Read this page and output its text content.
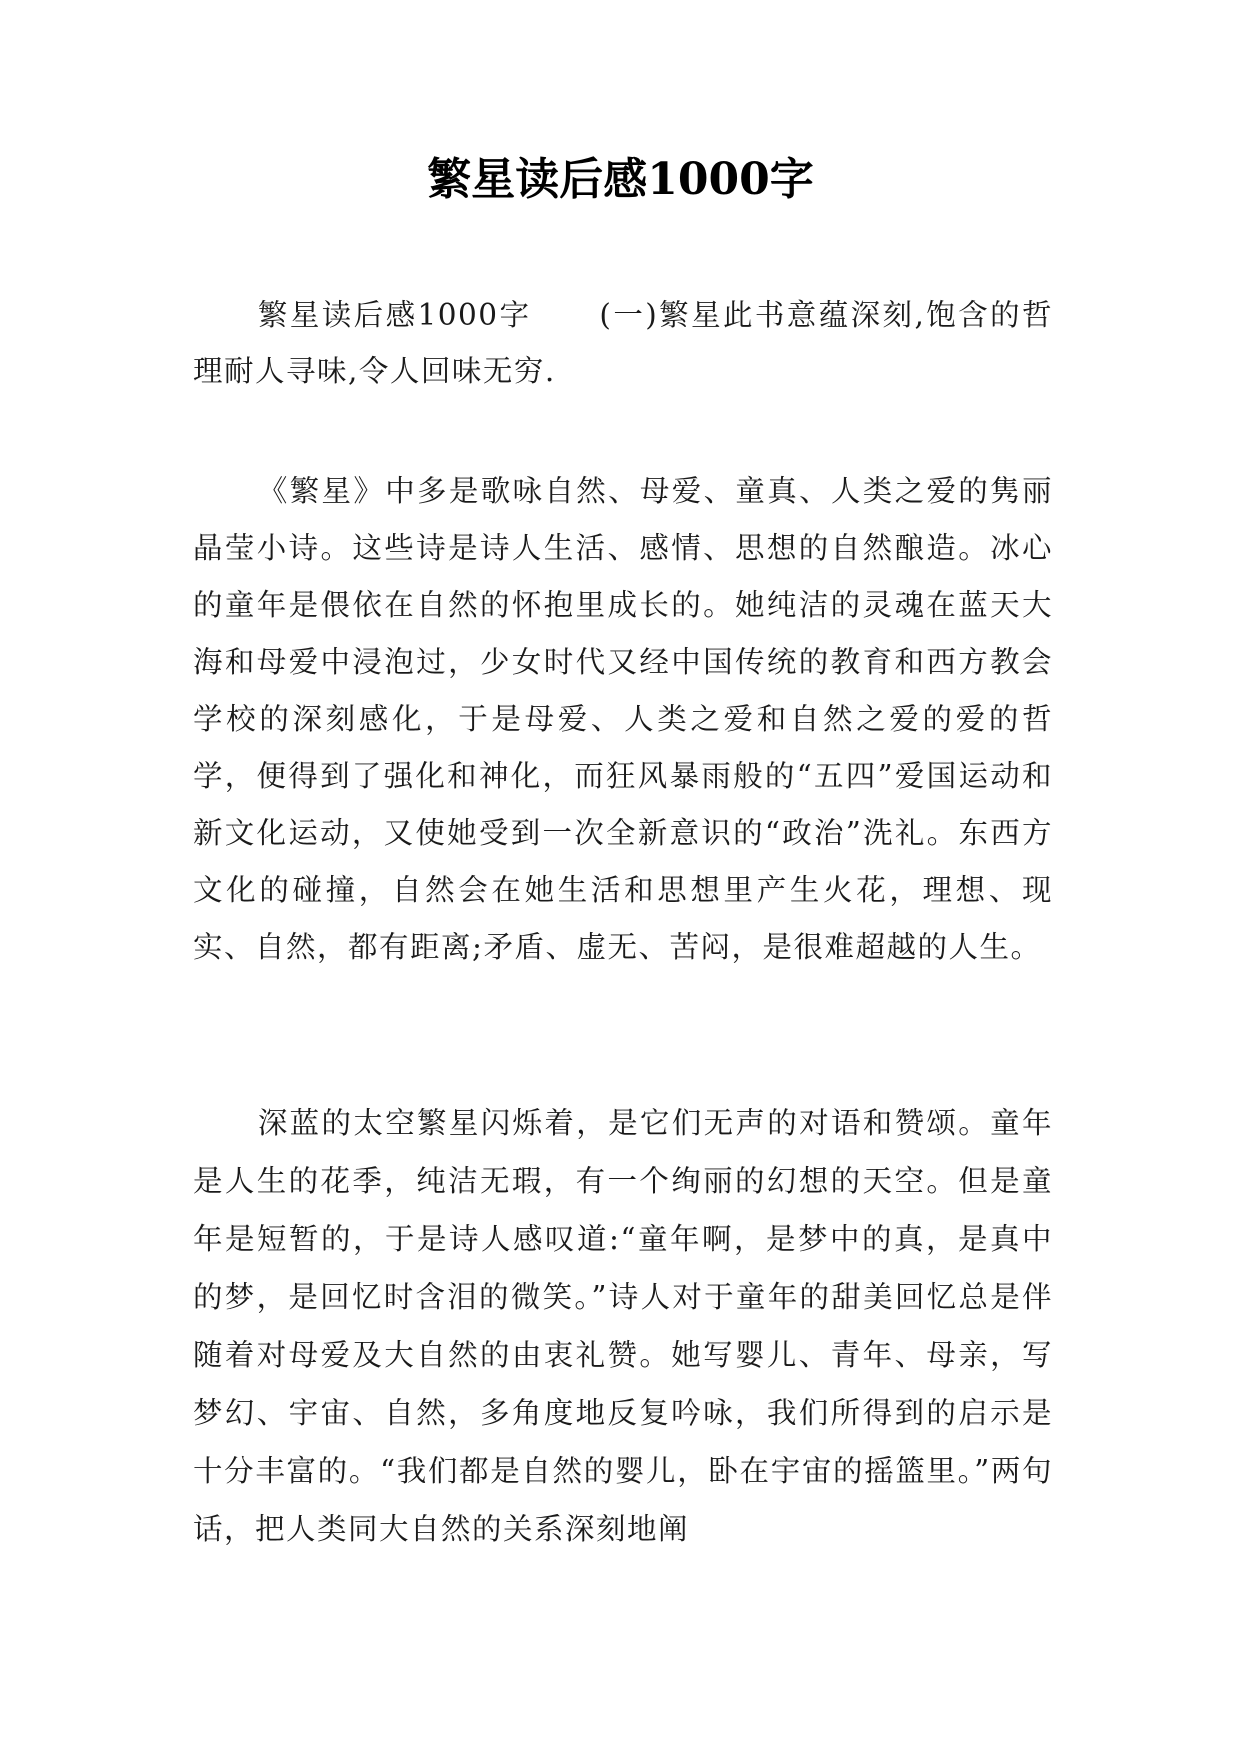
繁星读后感1000字

繁星读后感1000字 (一)繁星此书意蕴深刻,饱含的哲理耐人寻味,令人回味无穷.

《繁星》中多是歌咏自然、母爱、童真、人类之爱的隽丽晶莹小诗。这些诗是诗人生活、感情、思想的自然酿造。冰心的童年是偎依在自然的怀抱里成长的。她纯洁的灵魂在蓝天大海和母爱中浸泡过，少女时代又经中国传统的教育和西方教会学校的深刻感化，于是母爱、人类之爱和自然之爱的爱的哲学，便得到了强化和神化，而狂风暴雨般的“五四”爱国运动和新文化运动，又使她受到一次全新意识的“政治”洗礼。东西方文化的碰撞，自然会在她生活和思想里产生火花，理想、现实、自然，都有距离;矛盾、虚无、苦闷，是很难超越的人生。

深蓝的太空繁星闪烁着，是它们无声的对语和赞颂。童年是人生的花季，纯洁无瑕，有一个绚丽的幻想的天空。但是童年是短暂的，于是诗人感叹道:“童年啊，是梦中的真，是真中的梦，是回忆时含泪的微笑。”诗人对于童年的甜美回忆总是伴随着对母爱及大自然的由衷礼赞。她写婴儿、青年、母亲，写梦幻、宇宙、自然，多角度地反复吟咏，我们所得到的启示是十分丰富的。“我们都是自然的婴儿，卧在宇宙的摇篮里。”两句话，把人类同大自然的关系深刻地阐
